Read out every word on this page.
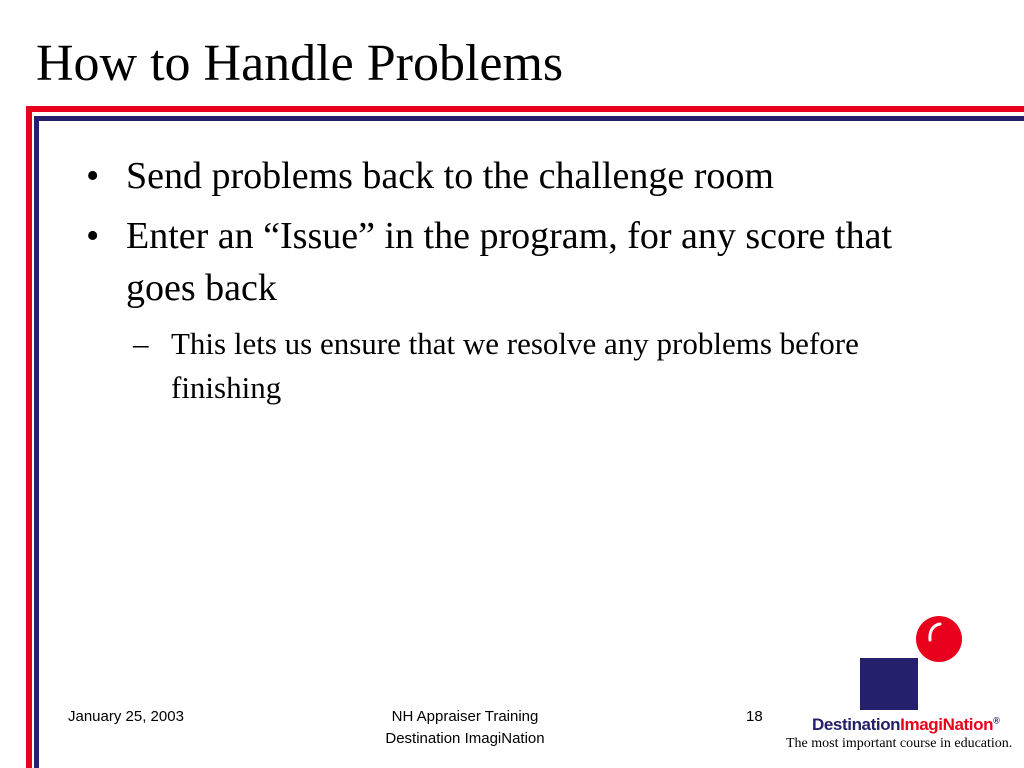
How to Handle Problems
• Send problems back to the challenge room
• Enter an “Issue” in the program, for any score that goes back
– This lets us ensure that we resolve any problems before finishing
January 25, 2003	NH Appraiser Training
Destination ImagiNation
18	DestinationImagiNation®
The most important course in education.
